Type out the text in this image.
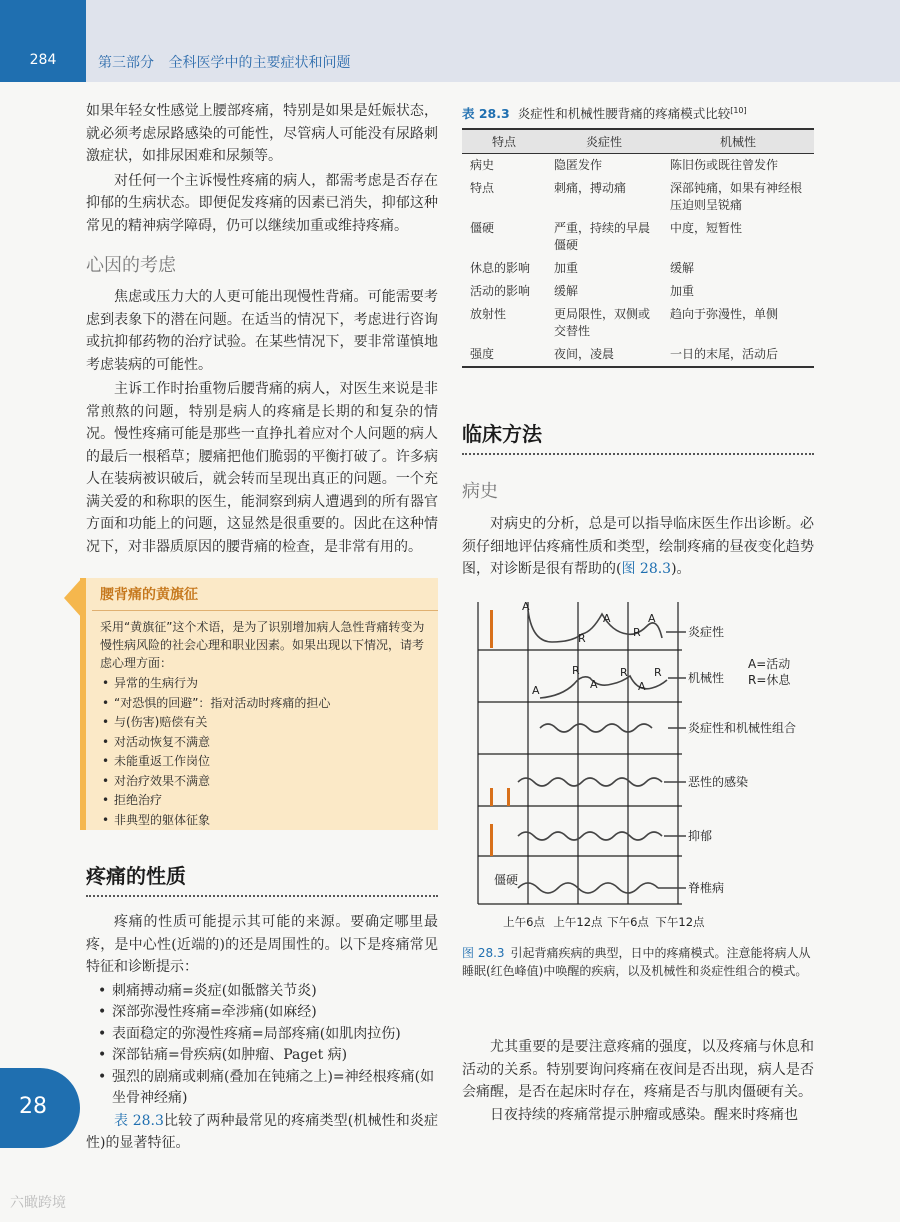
284	第三部分 全科医学中的主要症状和问题

如果年轻女性感觉上腰部疼痛，特别是如果是妊娠状态，就必须考虑尿路感染的可能性，尽管病人可能没有尿路刺激症状，如排尿困难和尿频等。

对任何一个主诉慢性疼痛的病人，都需考虑是否存在抑郁的生病状态。即便促发疼痛的因素已消失，抑郁这种常见的精神病学障碍，仍可以继续加重或维持疼痛。

心因的考虑

焦虑或压力大的人更可能出现慢性背痛。可能需要考虑到表象下的潜在问题。在适当的情况下，考虑进行咨询或抗抑郁药物的治疗试验。在某些情况下，要非常谨慎地考虑装病的可能性。

主诉工作时抬重物后腰背痛的病人，对医生来说是非常煎熬的问题，特别是病人的疼痛是长期的和复杂的情况。慢性疼痛可能是那些一直挣扎着应对个人问题的病人的最后一根稻草；腰痛把他们脆弱的平衡打破了。许多病人在装病被识破后，就会转而呈现出真正的问题。一个充满关爱的和称职的医生，能洞察到病人遭遇到的所有器官方面和功能上的问题，这显然是很重要的。因此在这种情况下，对非器质原因的腰背痛的检查，是非常有用的。

腰背痛的黄旗征

采用“黄旗征”这个术语，是为了识别增加病人急性背痛转变为慢性病风险的社会心理和职业因素。如果出现以下情况，请考虑心理方面：

• 异常的生病行为
• “对恐惧的回避”：指对活动时疼痛的担心
• 与(伤害)赔偿有关
• 对活动恢复不满意
• 未能重返工作岗位
• 对治疗效果不满意
• 拒绝治疗
• 非典型的躯体征象
疼痛的性质

疼痛的性质可能提示其可能的来源。要确定哪里最疼，是中心性(近端的)的还是周围性的。以下是疼痛常见特征和诊断提示：

• 刺痛搏动痛=炎症(如骶髂关节炎)
• 深部弥漫性疼痛=牵涉痛(如麻经)
• 表面稳定的弥漫性疼痛=局部疼痛(如肌肉拉伤)
• 深部钻痛=骨疾病(如肿瘤、Paget 病)
• 强烈的剧痛或刺痛(叠加在钝痛之上)=神经根疼痛(如坐骨神经痛)

表 28.3比较了两种最常见的疼痛类型(机械性和炎症性)的显著特征。

表 28.3 炎症性和机械性腰背痛的疼痛模式比较[10]
特点	炎症性	机械性
病史	隐匿发作	陈旧伤或既往曾发作
特点	刺痛，搏动痛	深部钝痛，如果有神经根压迫则呈锐痛
僵硬	严重，持续的早晨僵硬	中度，短暂性
休息的影响	加重	缓解
活动的影响	缓解	加重
放射性	更局限性，双侧或交替性	趋向于弥漫性，单侧
强度	夜间，凌晨	一日的末尾，活动后
临床方法
病史

对病史的分析，总是可以指导临床医生作出诊断。必须仔细地评估疼痛性质和类型，绘制疼痛的昼夜变化趋势图，对诊断是很有帮助的(图 28.3)。

A
R
A
R
A
A
R
A
R
A
R
炎症性
机械性
炎症性和机械性组合
恶性的感染
抑郁
脊椎病
A=活动
R=休息
僵硬
上午6点 上午12点 下午6点 下午12点
图 28.3 引起背痛疾病的典型，日中的疼痛模式。注意能将病人从睡眠(红色峰值)中唤醒的疾病，以及机械性和炎症性组合的模式。

尤其重要的是要注意疼痛的强度，以及疼痛与休息和活动的关系。特别要询问疼痛在夜间是否出现，病人是否会痛醒，是否在起床时存在，疼痛是否与肌肉僵硬有关。

日夜持续的疼痛常提示肿瘤或感染。醒来时疼痛也

28
六瞰跨境
